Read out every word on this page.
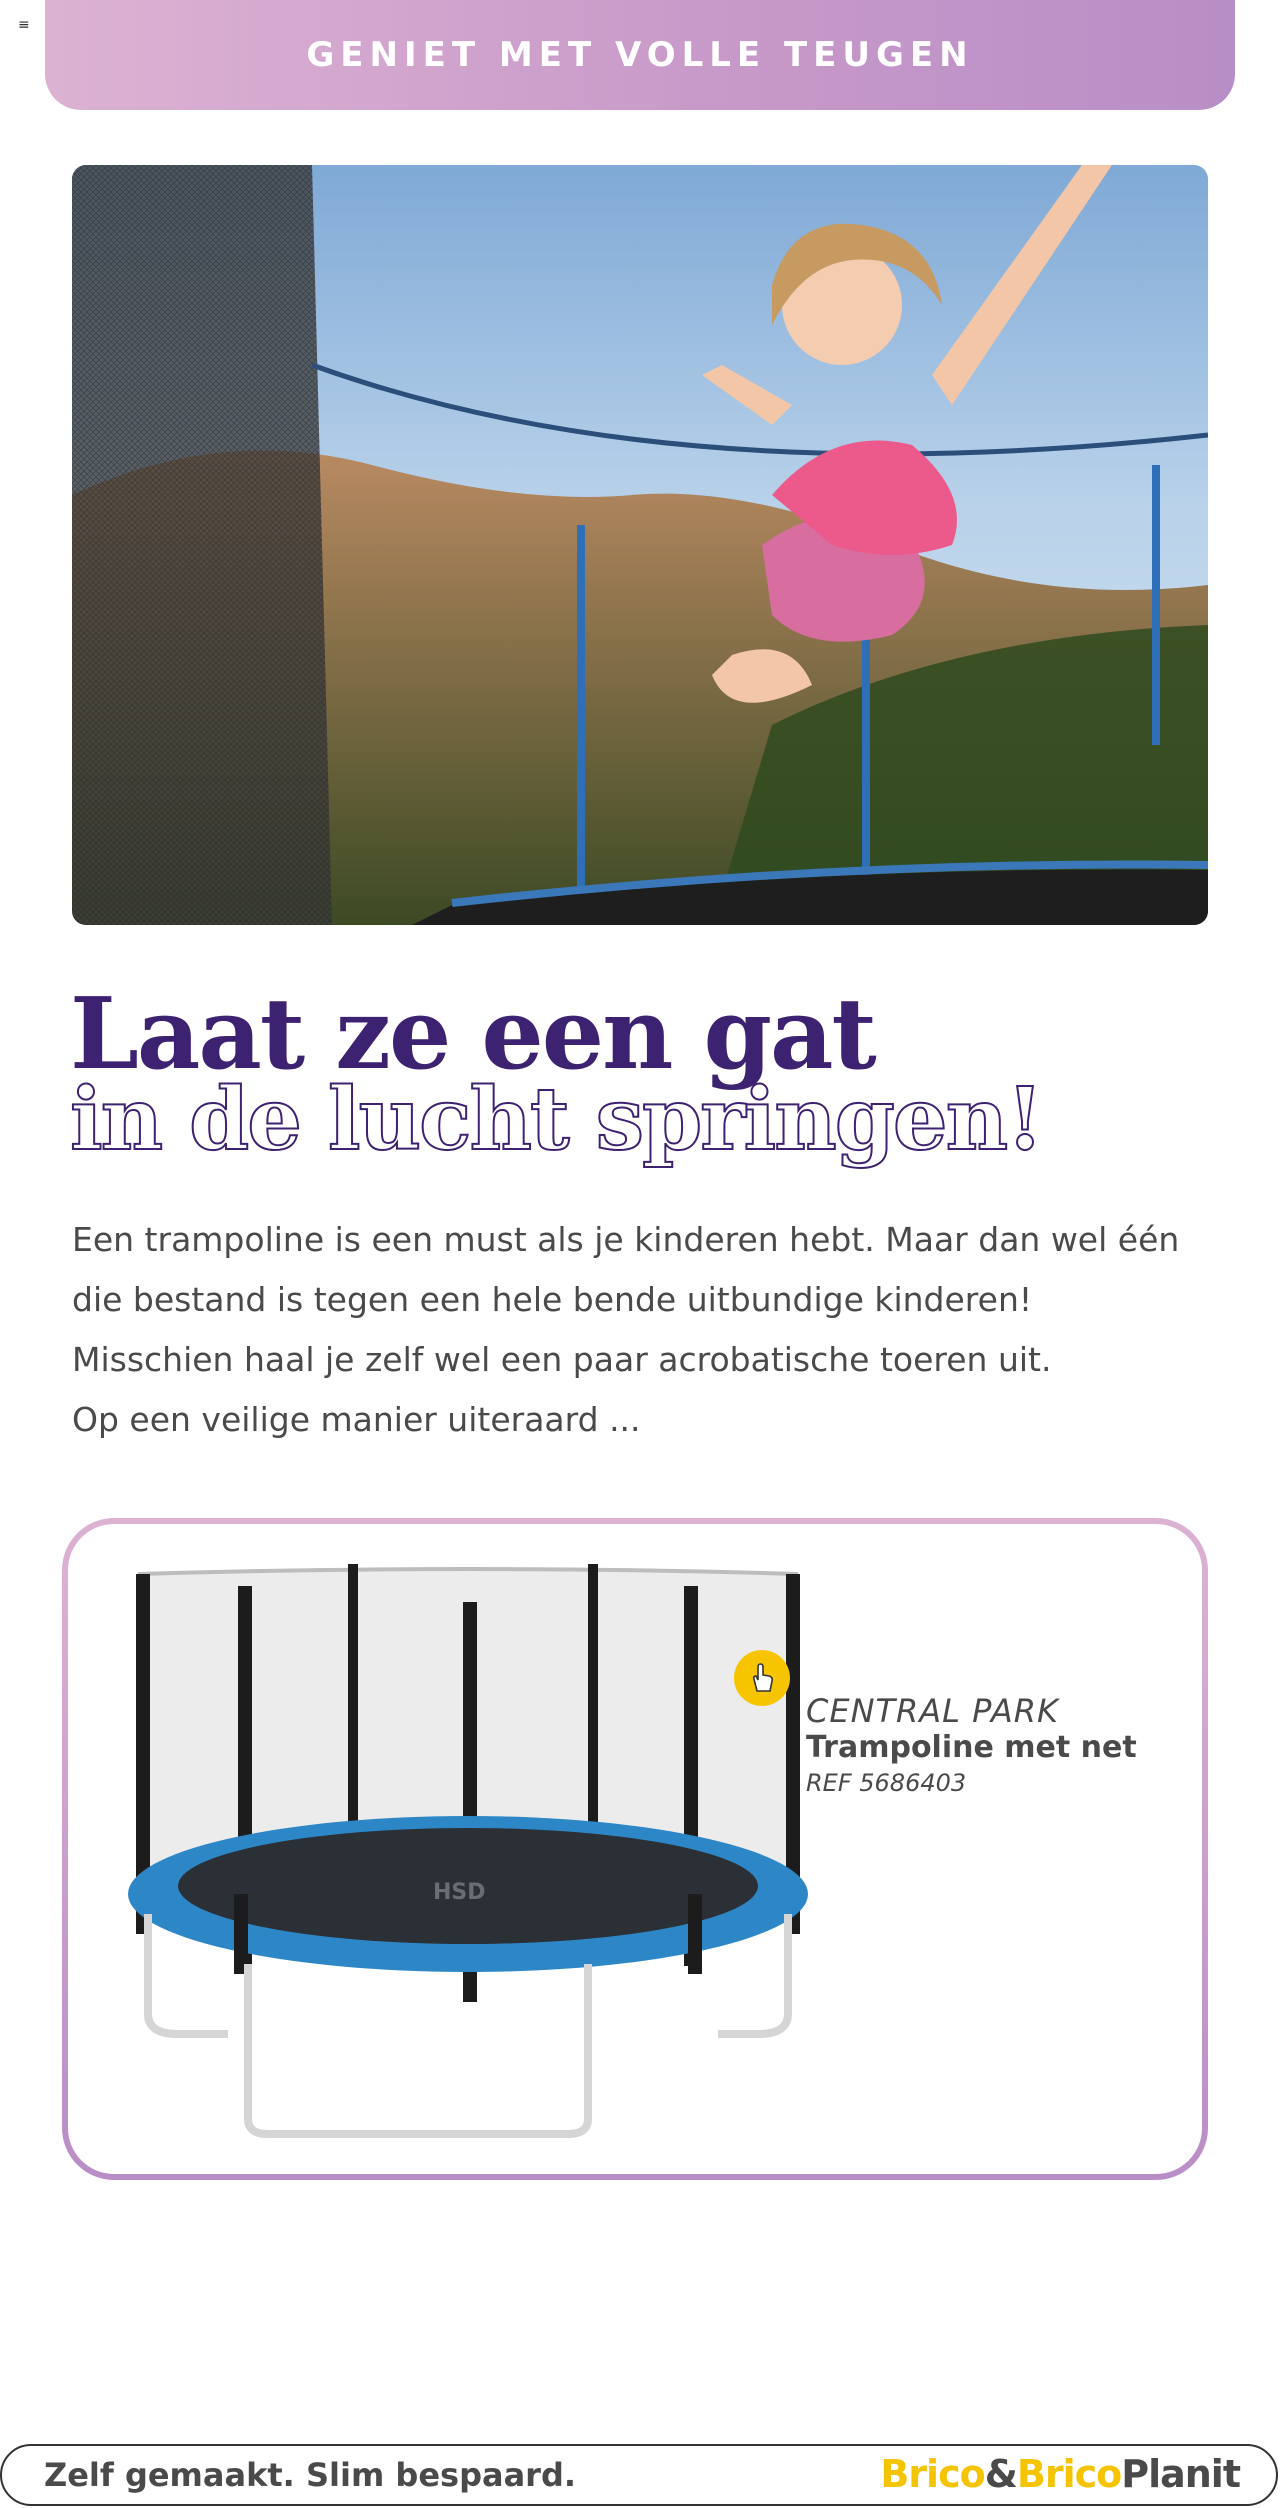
≡
GENIET MET VOLLE TEUGEN
Laat ze een gat
in de lucht springen!

Een trampoline is een must als je kinderen hebt. Maar dan wel één

die bestand is tegen een hele bende uitbundige kinderen!

Misschien haal je zelf wel een paar acrobatische toeren uit.

Op een veilige manier uiteraard ...

HSD
CENTRAL PARK
Trampoline met net
REF 5686403
Zelf gemaakt. Slim bespaard.	Brico&BricoPlanit
